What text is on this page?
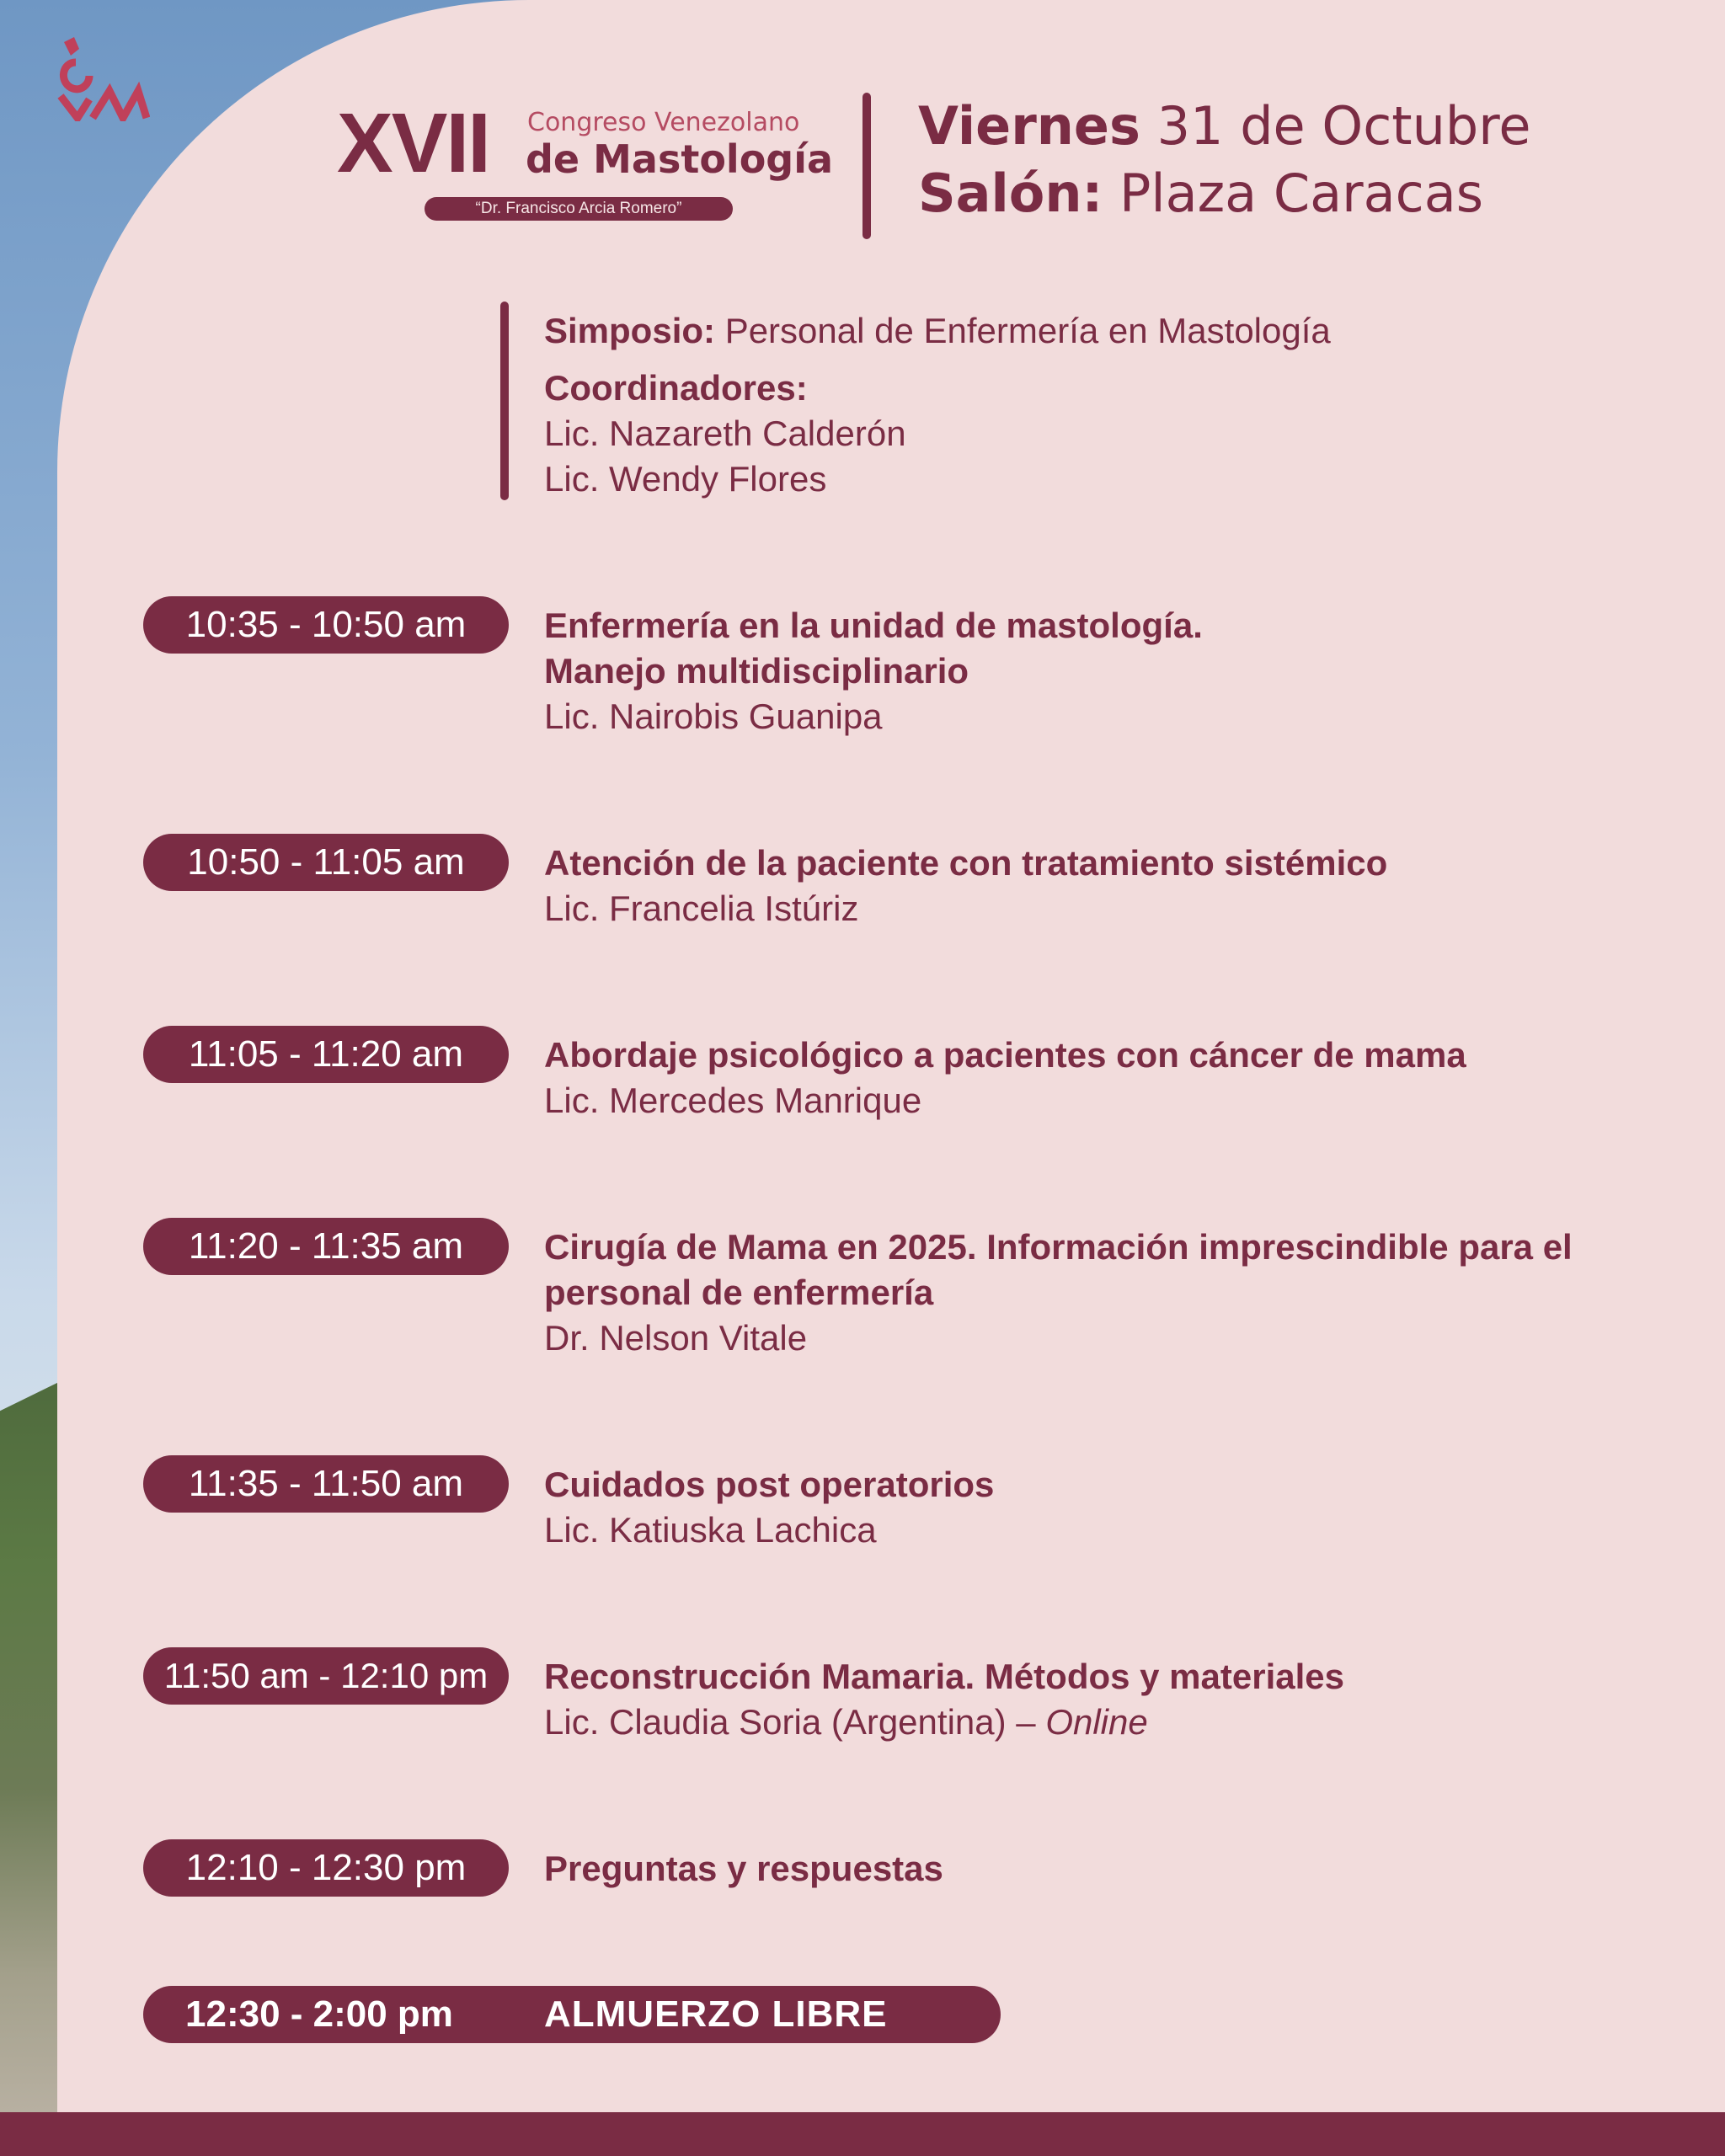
XVII Congreso Venezolano
de Mastología
“Dr. Francisco Arcia Romero”
Viernes 31 de Octubre
Salón: Plaza Caracas
Simposio: Personal de Enfermería en Mastología
Coordinadores:
Lic. Nazareth Calderón
Lic. Wendy Flores
10:35 - 10:50 am	Enfermería en la unidad de mastología.
Manejo multidisciplinario
Lic. Nairobis Guanipa
10:50 - 11:05 am	Atención de la paciente con tratamiento sistémico
Lic. Francelia Istúriz
11:05 - 11:20 am	Abordaje psicológico a pacientes con cáncer de mama
Lic. Mercedes Manrique
11:20 - 11:35 am	Cirugía de Mama en 2025. Información imprescindible para el
personal de enfermería
Dr. Nelson Vitale
11:35 - 11:50 am	Cuidados post operatorios
Lic. Katiuska Lachica
11:50 am - 12:10 pm	Reconstrucción Mamaria. Métodos y materiales
Lic. Claudia Soria (Argentina) – Online
12:10 - 12:30 pm	Preguntas y respuestas
12:30 - 2:00 pm ALMUERZO LIBRE
